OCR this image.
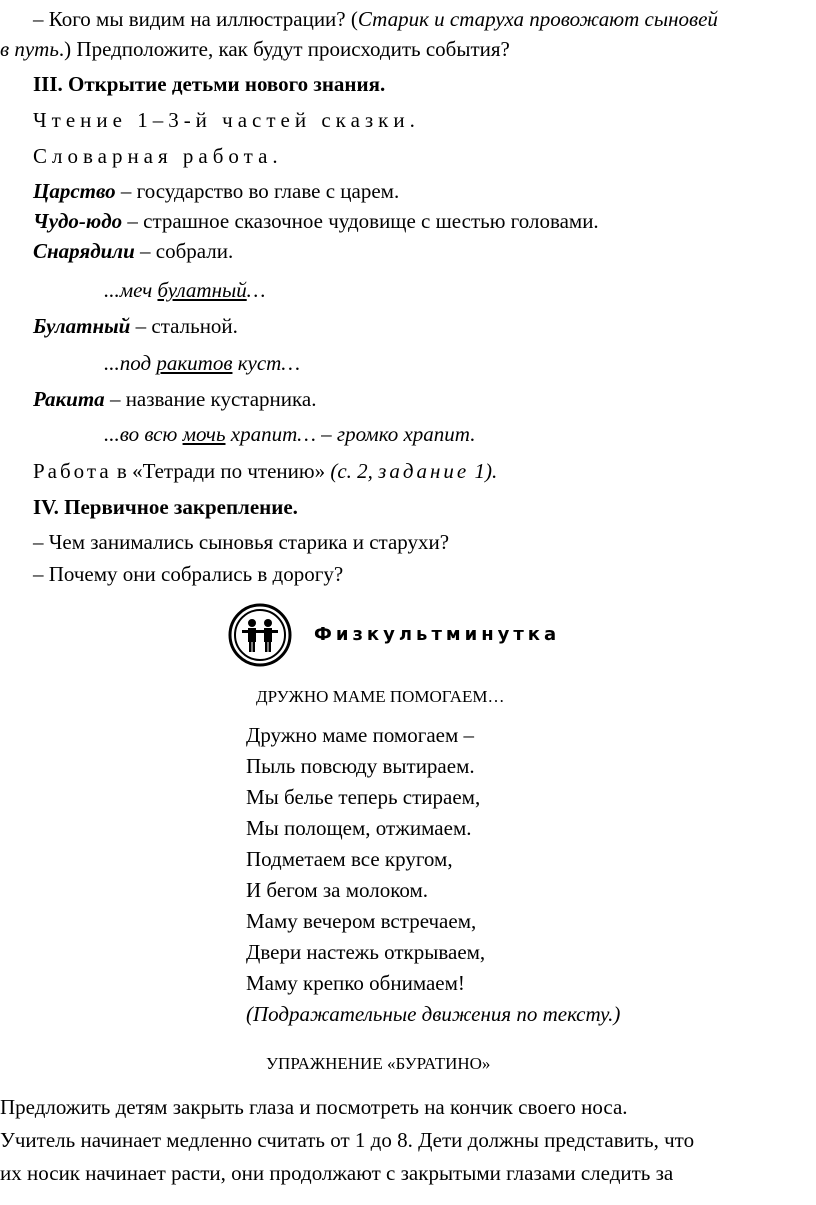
– Кого мы видим на иллюстрации? (Старик и старуха провожают сыновей
в путь.) Предположите, как будут происходить события?
III. Открытие детьми нового знания.
Чтение 1–3-й частей сказки.
Словарная работа.
Царство – государство во главе с царем.
Чудо-юдо – страшное сказочное чудовище с шестью головами.
Снарядили – собрали.
...меч булатный…
Булатный – стальной.
...под ракитов куст…
Ракита – название кустарника.
...во всю мочь храпит… – громко храпит.
Работа в «Тетради по чтению» (с. 2, задание 1).
IV. Первичное закрепление.
– Чем занимались сыновья старика и старухи?
– Почему они собрались в дорогу?
Физкультминутка
ДРУЖНО МАМЕ ПОМОГАЕМ…
Дружно маме помогаем –
Пыль повсюду вытираем.
Мы белье теперь стираем,
Мы полощем, отжимаем.
Подметаем все кругом,
И бегом за молоком.
Маму вечером встречаем,
Двери настежь открываем,
Маму крепко обнимаем!
(Подражательные движения по тексту.)
УПРАЖНЕНИЕ «БУРАТИНО»
Предложить детям закрыть глаза и посмотреть на кончик своего носа.
Учитель начинает медленно считать от 1 до 8. Дети должны представить, что
их носик начинает расти, они продолжают с закрытыми глазами следить за
